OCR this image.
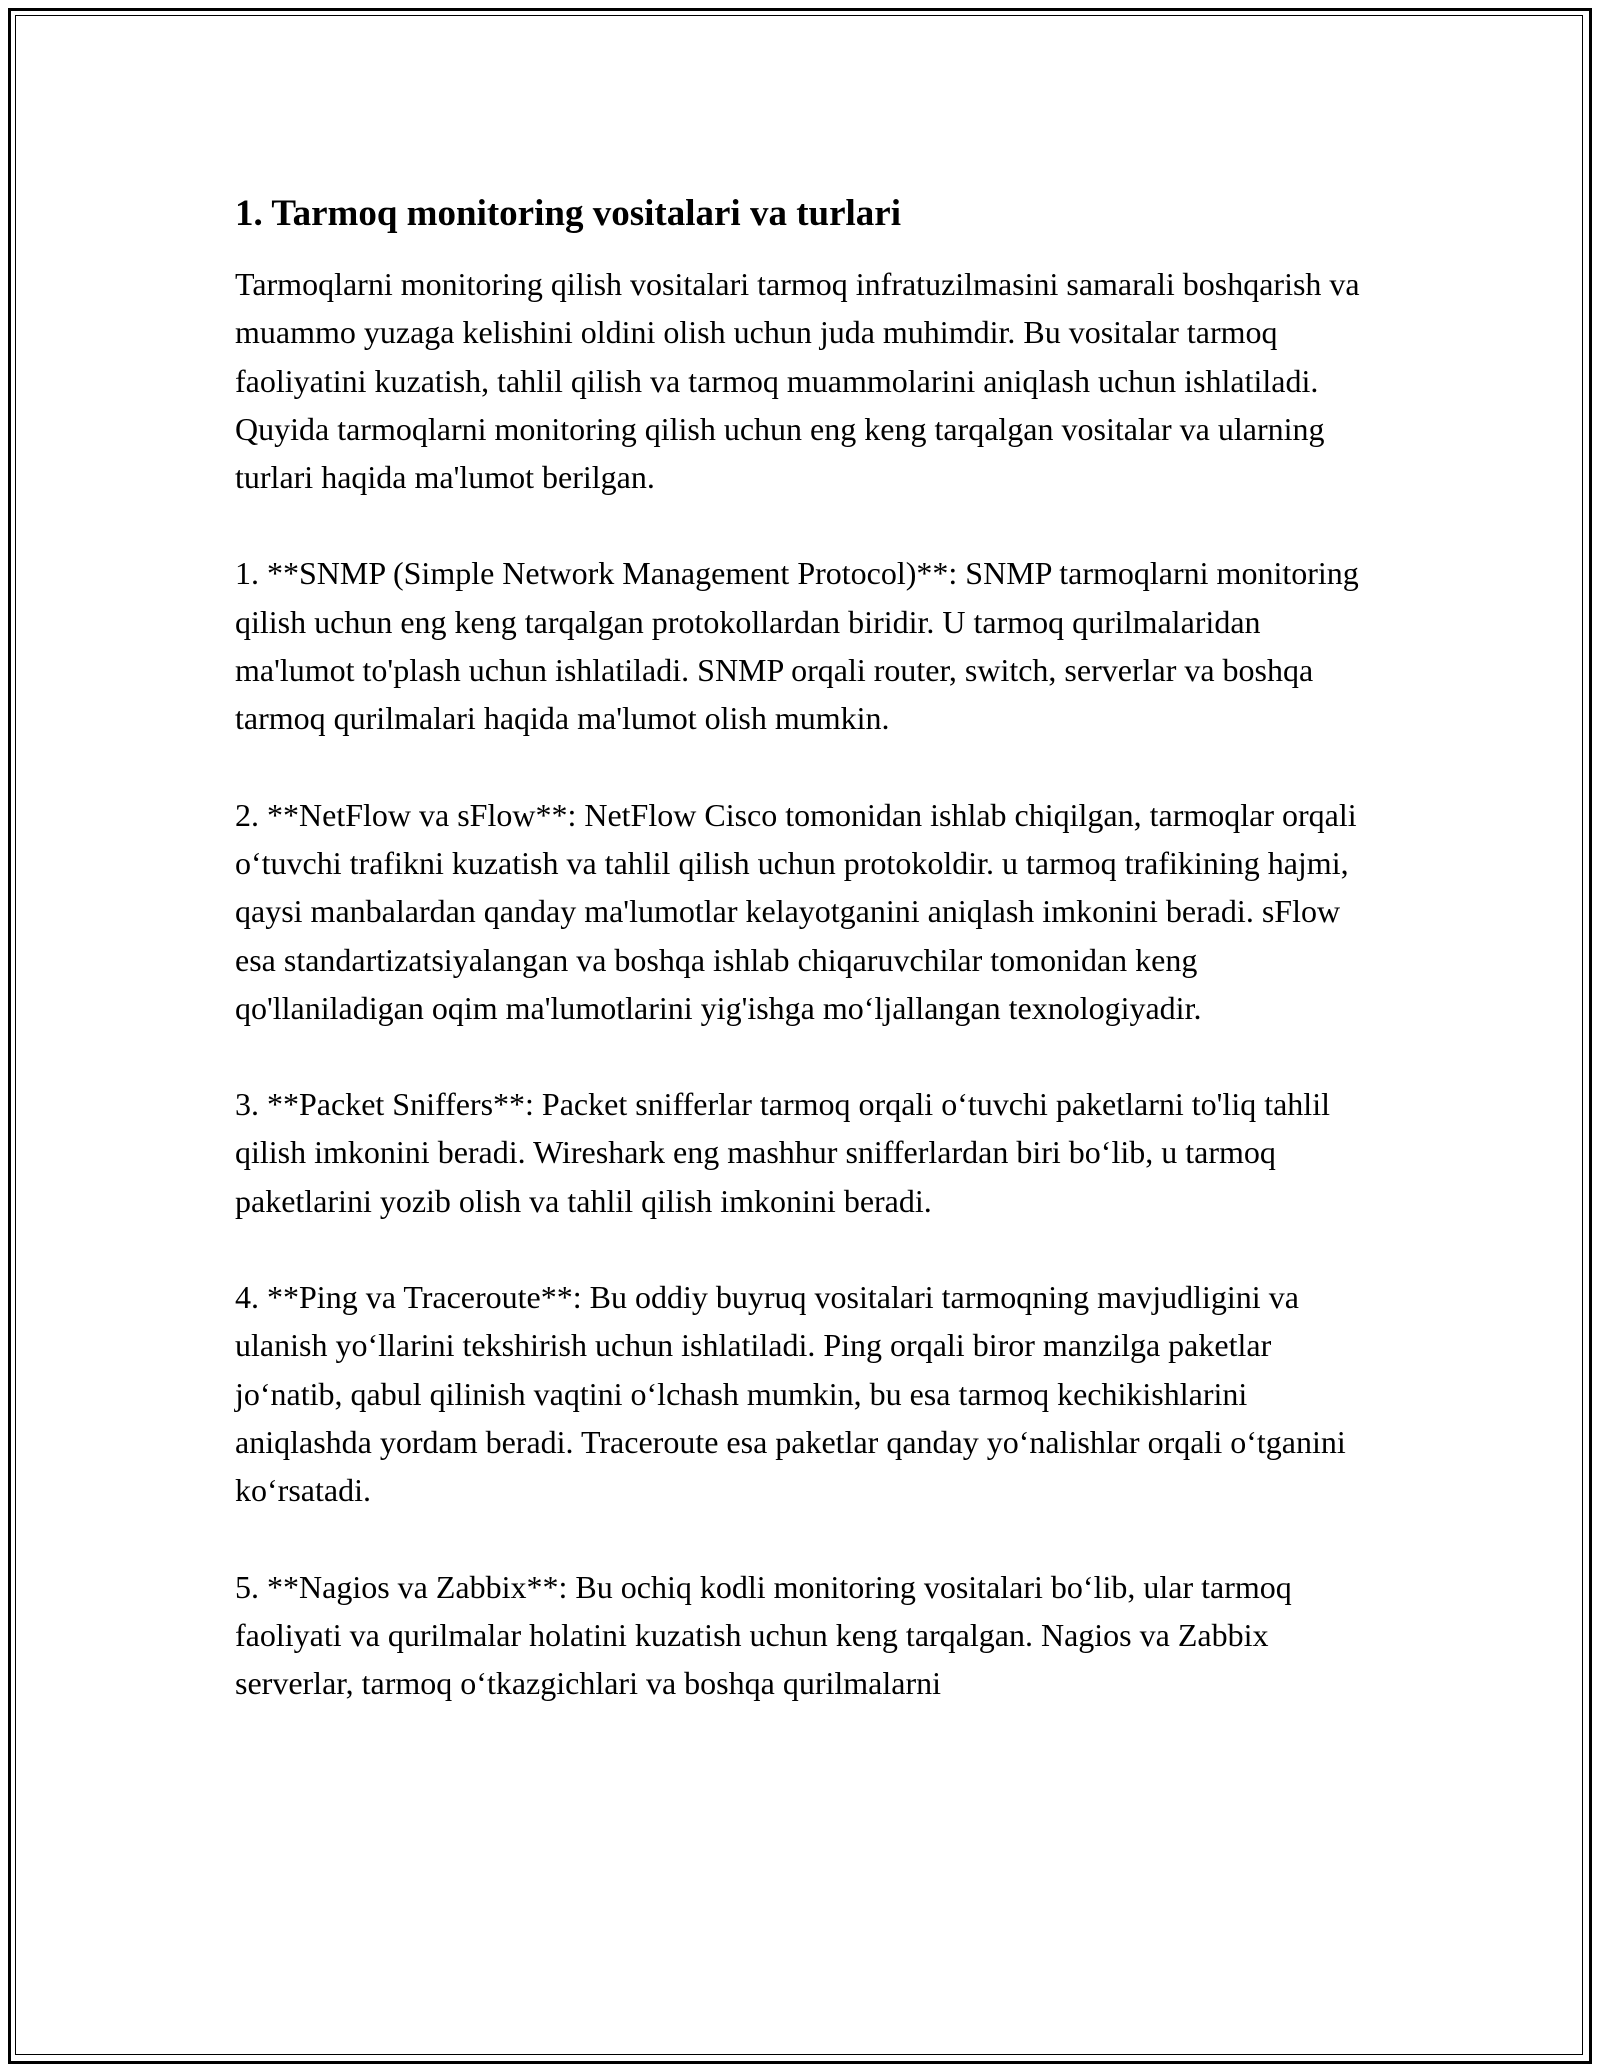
1. Tarmoq monitoring vositalari va turlari

Tarmoqlarni monitoring qilish vositalari tarmoq infratuzilmasini samarali boshqarish va muammo yuzaga kelishini oldini olish uchun juda muhimdir. Bu vositalar tarmoq faoliyatini kuzatish, tahlil qilish va tarmoq muammolarini aniqlash uchun ishlatiladi. Quyida tarmoqlarni monitoring qilish uchun eng keng tarqalgan vositalar va ularning turlari haqida ma'lumot berilgan.

1. **SNMP (Simple Network Management Protocol)**: SNMP tarmoqlarni monitoring qilish uchun eng keng tarqalgan protokollardan biridir. U tarmoq qurilmalaridan ma'lumot to'plash uchun ishlatiladi. SNMP orqali router, switch, serverlar va boshqa tarmoq qurilmalari haqida ma'lumot olish mumkin.

2. **NetFlow va sFlow**: NetFlow Cisco tomonidan ishlab chiqilgan, tarmoqlar orqali o‘tuvchi trafikni kuzatish va tahlil qilish uchun protokoldir. u tarmoq trafikining hajmi, qaysi manbalardan qanday ma'lumotlar kelayotganini aniqlash imkonini beradi. sFlow esa standartizatsiyalangan va boshqa ishlab chiqaruvchilar tomonidan keng qo'llaniladigan oqim ma'lumotlarini yig'ishga mo‘ljallangan texnologiyadir.

3. **Packet Sniffers**: Packet snifferlar tarmoq orqali o‘tuvchi paketlarni to'liq tahlil qilish imkonini beradi. Wireshark eng mashhur snifferlardan biri bo‘lib, u tarmoq paketlarini yozib olish va tahlil qilish imkonini beradi.

4. **Ping va Traceroute**: Bu oddiy buyruq vositalari tarmoqning mavjudligini va ulanish yo‘llarini tekshirish uchun ishlatiladi. Ping orqali biror manzilga paketlar jo‘natib, qabul qilinish vaqtini o‘lchash mumkin, bu esa tarmoq kechikishlarini aniqlashda yordam beradi. Traceroute esa paketlar qanday yo‘nalishlar orqali o‘tganini ko‘rsatadi.

5. **Nagios va Zabbix**: Bu ochiq kodli monitoring vositalari bo‘lib, ular tarmoq faoliyati va qurilmalar holatini kuzatish uchun keng tarqalgan. Nagios va Zabbix serverlar, tarmoq o‘tkazgichlari va boshqa qurilmalarni
